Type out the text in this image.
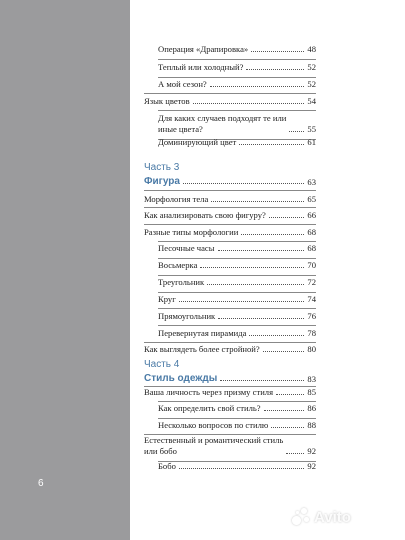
6
Операция «Драпировка»	48
Теплый или холодный?	52
А мой сезон?	52
Язык цветов	54
Для каких случаев подходят те или
иные цвета?	55
Доминирующий цвет	61
Часть 3
Фигура	63
Морфология тела	65
Как анализировать свою фигуру?	66
Разные типы морфологии	68
Песочные часы	68
Восьмерка	70
Треугольник	72
Круг	74
Прямоугольник	76
Перевернутая пирамида	78
Как выглядеть более стройной?	80
Часть 4
Стиль одежды	83
Ваша личность через призму стиля	85
Как определить свой стиль?	86
Несколько вопросов по стилю	88
Естественный и романтический стиль
или бобо	92
Бобо	92
Avito
